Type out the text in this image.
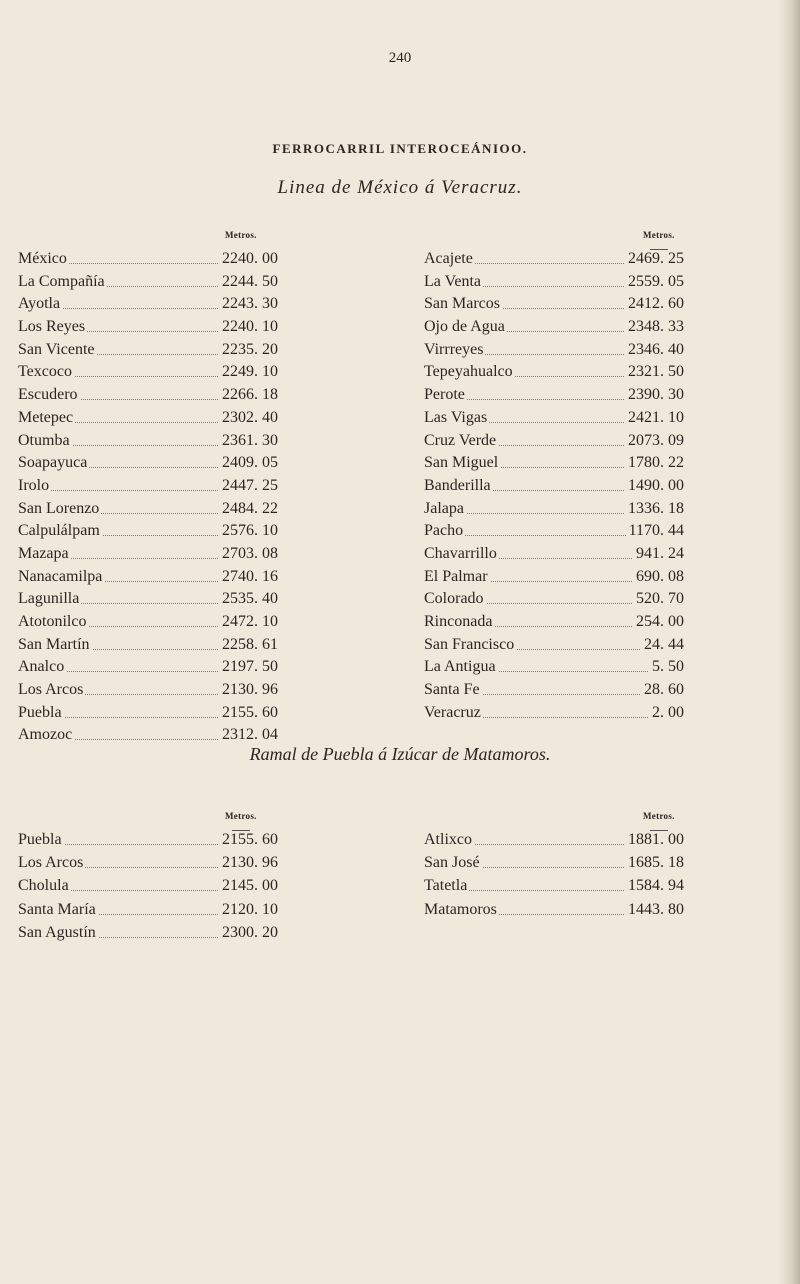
240
FERROCARRIL INTEROCEÁNIOO.
Linea de México á Veracruz.
Metros.	Metros.
México	2240. 00
La Compañía	2244. 50
Ayotla	2243. 30
Los Reyes	2240. 10
San Vicente	2235. 20
Texcoco	2249. 10
Escudero	2266. 18
Metepec	2302. 40
Otumba	2361. 30
Soapayuca	2409. 05
Irolo	2447. 25
San Lorenzo	2484. 22
Calpulálpam	2576. 10
Mazapa	2703. 08
Nanacamilpa	2740. 16
Lagunilla	2535. 40
Atotonilco	2472. 10
San Martín	2258. 61
Analco	2197. 50
Los Arcos	2130. 96
Puebla	2155. 60
Amozoc	2312. 04
Acajete	2469. 25
La Venta	2559. 05
San Marcos	2412. 60
Ojo de Agua	2348. 33
Virrreyes	2346. 40
Tepeyahualco	2321. 50
Perote	2390. 30
Las Vigas	2421. 10
Cruz Verde	2073. 09
San Miguel	1780. 22
Banderilla	1490. 00
Jalapa	1336. 18
Pacho	1170. 44
Chavarrillo	941. 24
El Palmar	690. 08
Colorado	520. 70
Rinconada	254. 00
San Francisco	24. 44
La Antigua	5. 50
Santa Fe	28. 60
Veracruz	2. 00
Ramal de Puebla á Izúcar de Matamoros.
Metros.	Metros.
Puebla	2155. 60
Los Arcos	2130. 96
Cholula	2145. 00
Santa María	2120. 10
San Agustín	2300. 20
Atlixco	1881. 00
San José	1685. 18
Tatetla	1584. 94
Matamoros	1443. 80
